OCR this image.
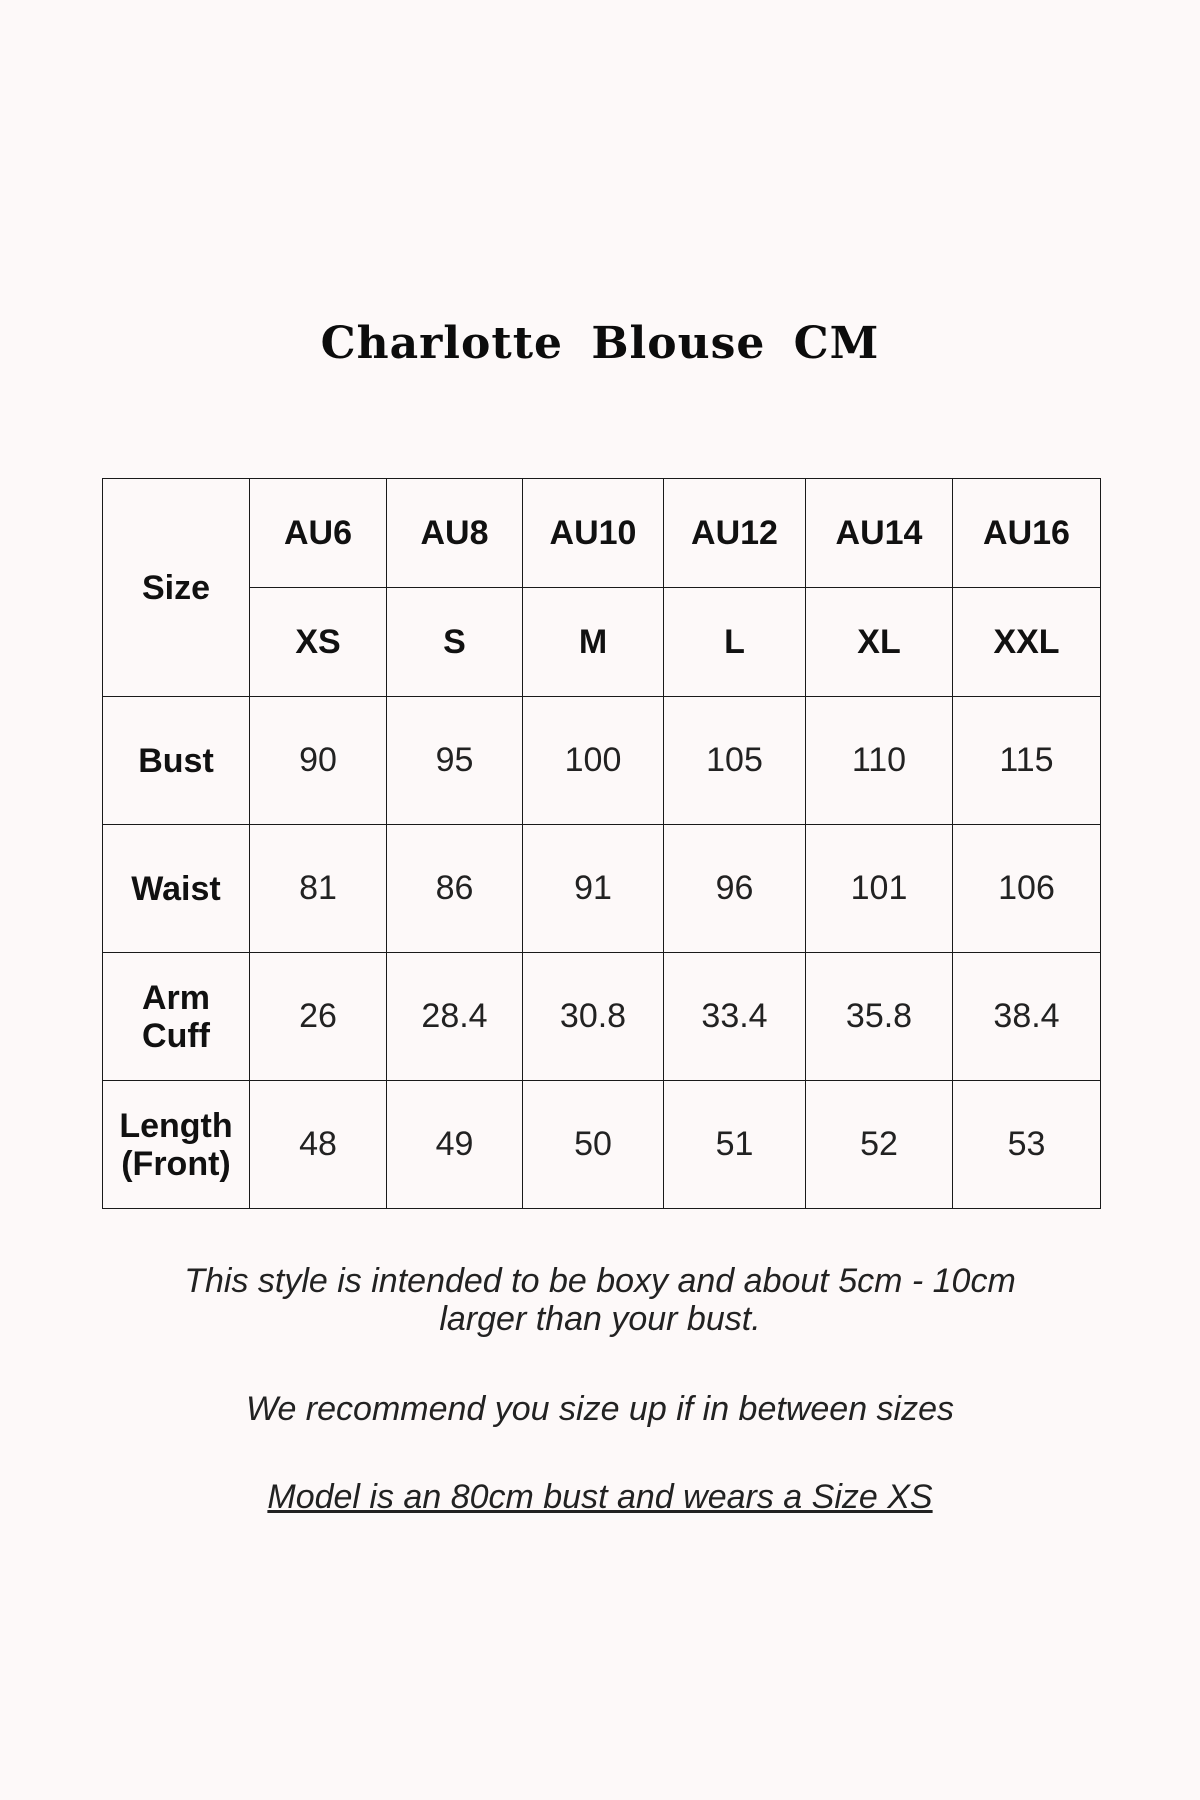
Charlotte Blouse CM
Size	AU6	AU8	AU10	AU12	AU14	AU16
	XS	S	M	L	XL	XXL
Bust	90	95	100	105	110	115
Waist	81	86	91	96	101	106
Arm
Cuff	26	28.4	30.8	33.4	35.8	38.4
Length
(Front)	48	49	50	51	52	53
This style is intended to be boxy and about 5cm - 10cm
larger than your bust.
We recommend you size up if in between sizes
Model is an 80cm bust and wears a Size XS
